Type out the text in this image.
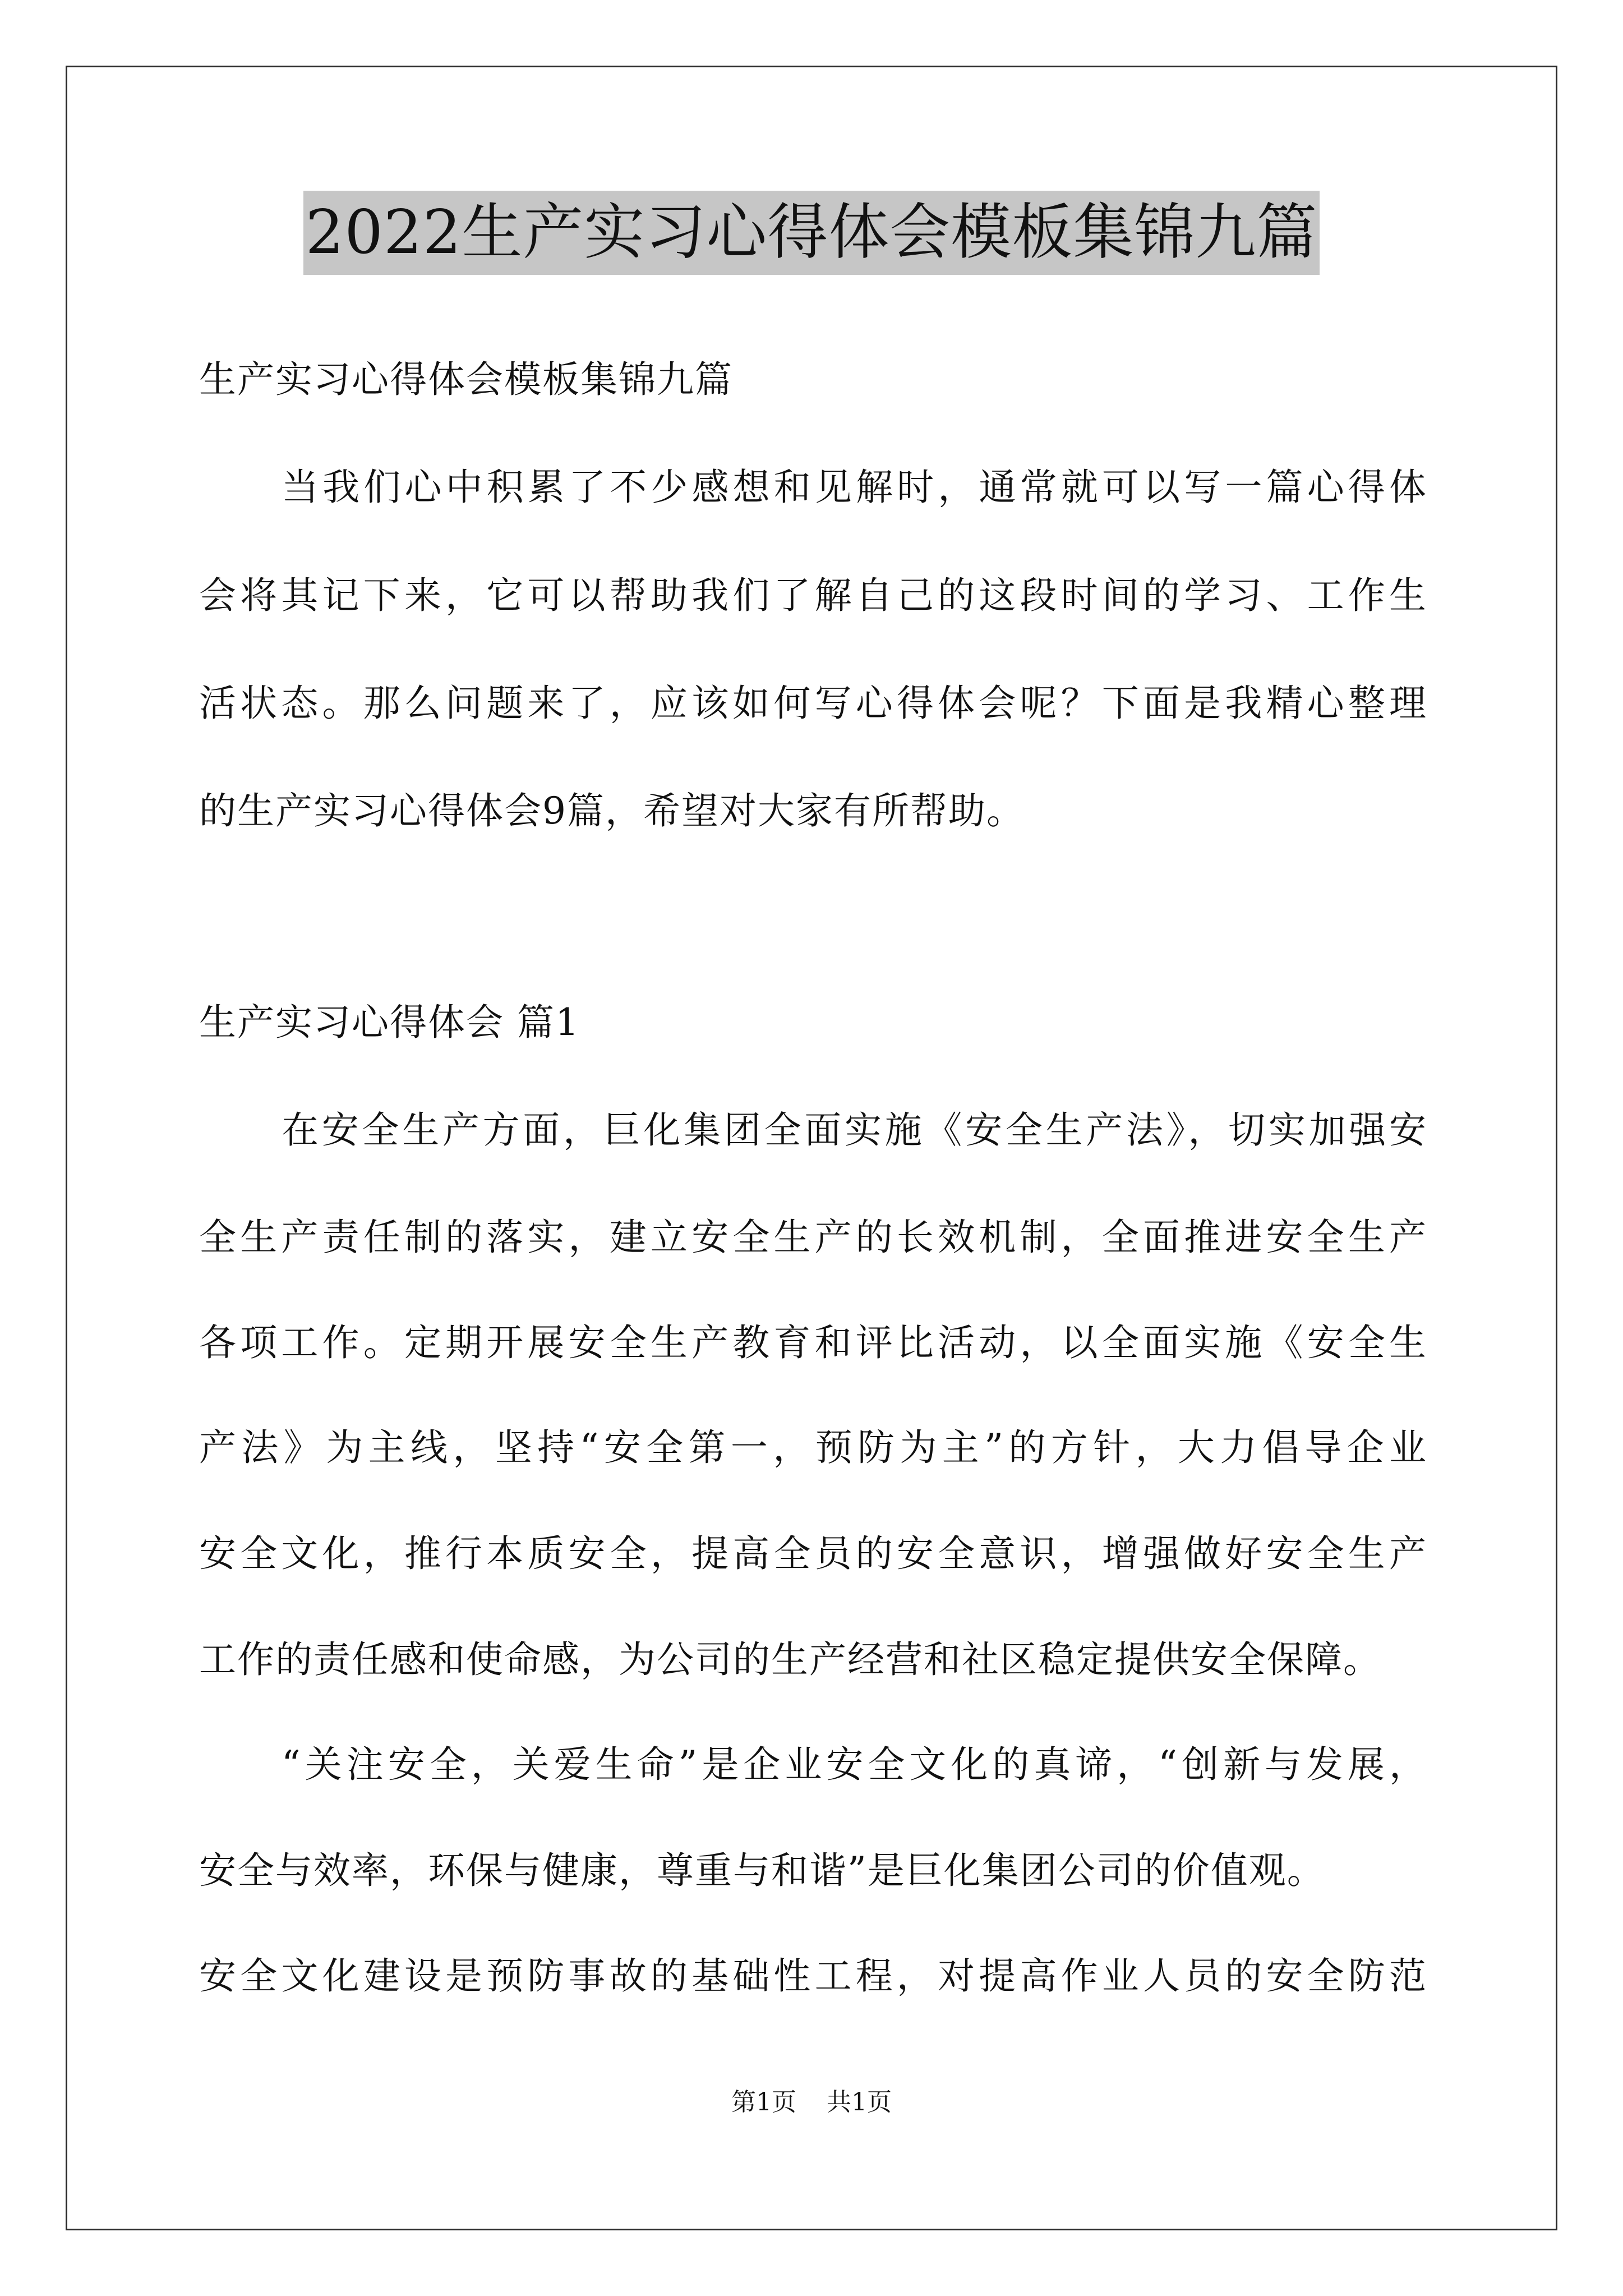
2022生产实习心得体会模板集锦九篇
生产实习心得体会模板集锦九篇
当我们心中积累了不少感想和见解时，通常就可以写一篇心得体
会将其记下来，它可以帮助我们了解自己的这段时间的学习、工作生
活状态。那么问题来了，应该如何写心得体会呢？下面是我精心整理
的生产实习心得体会9篇，希望对大家有所帮助。
生产实习心得体会 篇1
在安全生产方面，巨化集团全面实施《安全生产法》，切实加强安
全生产责任制的落实，建立安全生产的长效机制，全面推进安全生产
各项工作。定期开展安全生产教育和评比活动，以全面实施《安全生
产法》为主线，坚持“安全第一，预防为主”的方针，大力倡导企业
安全文化，推行本质安全，提高全员的安全意识，增强做好安全生产
工作的责任感和使命感，为公司的生产经营和社区稳定提供安全保障。
“关注安全，关爱生命”是企业安全文化的真谛，“创新与发展，
安全与效率，环保与健康，尊重与和谐”是巨化集团公司的价值观。
安全文化建设是预防事故的基础性工程，对提高作业人员的安全防范
第1页 共1页
